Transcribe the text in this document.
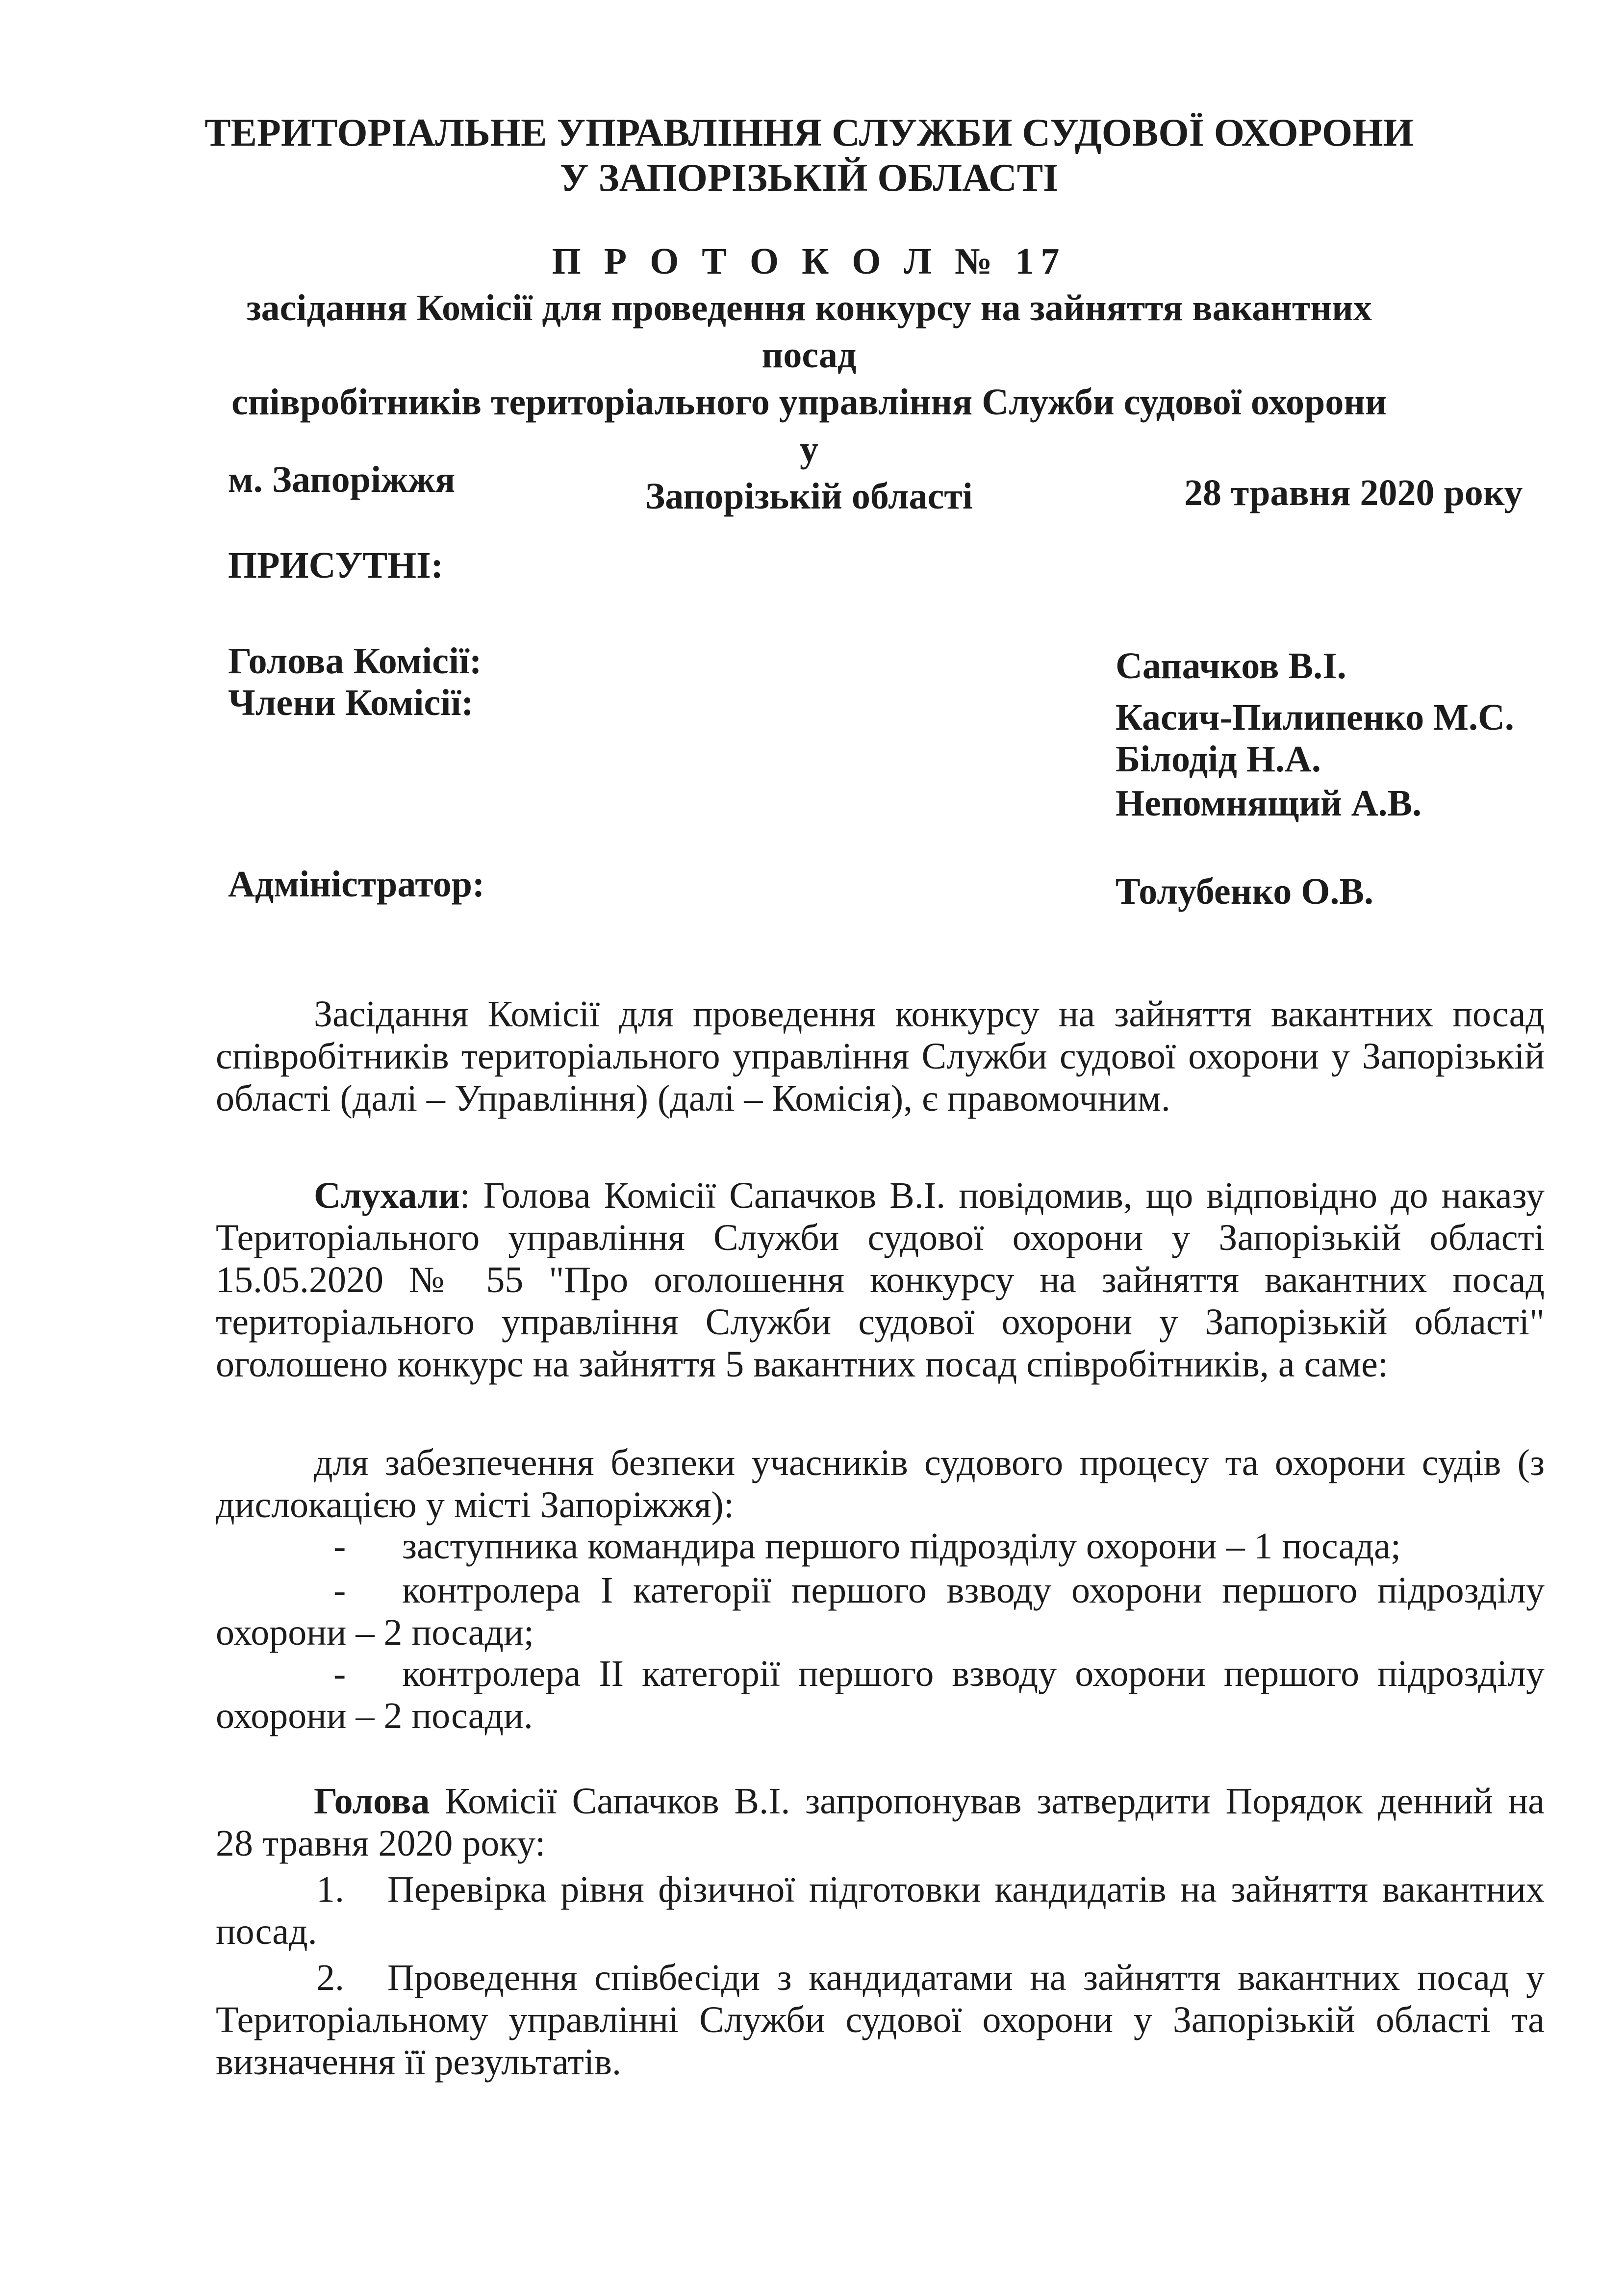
ТЕРИТОРІАЛЬНЕ УПРАВЛІННЯ СЛУЖБИ СУДОВОЇ ОХОРОНИ
У ЗАПОРІЗЬКІЙ ОБЛАСТІ
П Р О Т О К О Л № 17
засідання Комісії для проведення конкурсу на зайняття вакантних посад
співробітників територіального управління Служби судової охорони у
Запорізькій області
м. Запоріжжя	28 травня 2020 року
ПРИСУТНІ:
Голова Комісії:
Члени Комісії:
Сапачков В.І.
Касич-Пилипенко М.С.
Білодід Н.А.
Непомнящий А.В.
Адміністратор:	Толубенко О.В.
Засідання Комісії для проведення конкурсу на зайняття вакантних посад співробітників територіального управління Служби судової охорони у Запорізькій області (далі – Управління) (далі – Комісія), є правомочним.
Слухали: Голова Комісії Сапачков В.І. повідомив, що відповідно до наказу Територіального управління Служби судової охорони у Запорізькій області 15.05.2020 № 55 "Про оголошення конкурсу на зайняття вакантних посад територіального управління Служби судової охорони у Запорізькій області" оголошено конкурс на зайняття 5 вакантних посад співробітників, а саме:
для забезпечення безпеки учасників судового процесу та охорони судів (з дислокацією у місті Запоріжжя):
- заступника командира першого підрозділу охорони – 1 посада;
- контролера І категорії першого взводу охорони першого підрозділу охорони – 2 посади;
- контролера ІІ категорії першого взводу охорони першого підрозділу охорони – 2 посади.
Голова Комісії Сапачков В.І. запропонував затвердити Порядок денний на 28 травня 2020 року:
1. Перевірка рівня фізичної підготовки кандидатів на зайняття вакантних посад.
2. Проведення співбесіди з кандидатами на зайняття вакантних посад у Територіальному управлінні Служби судової охорони у Запорізькій області та визначення її результатів.
